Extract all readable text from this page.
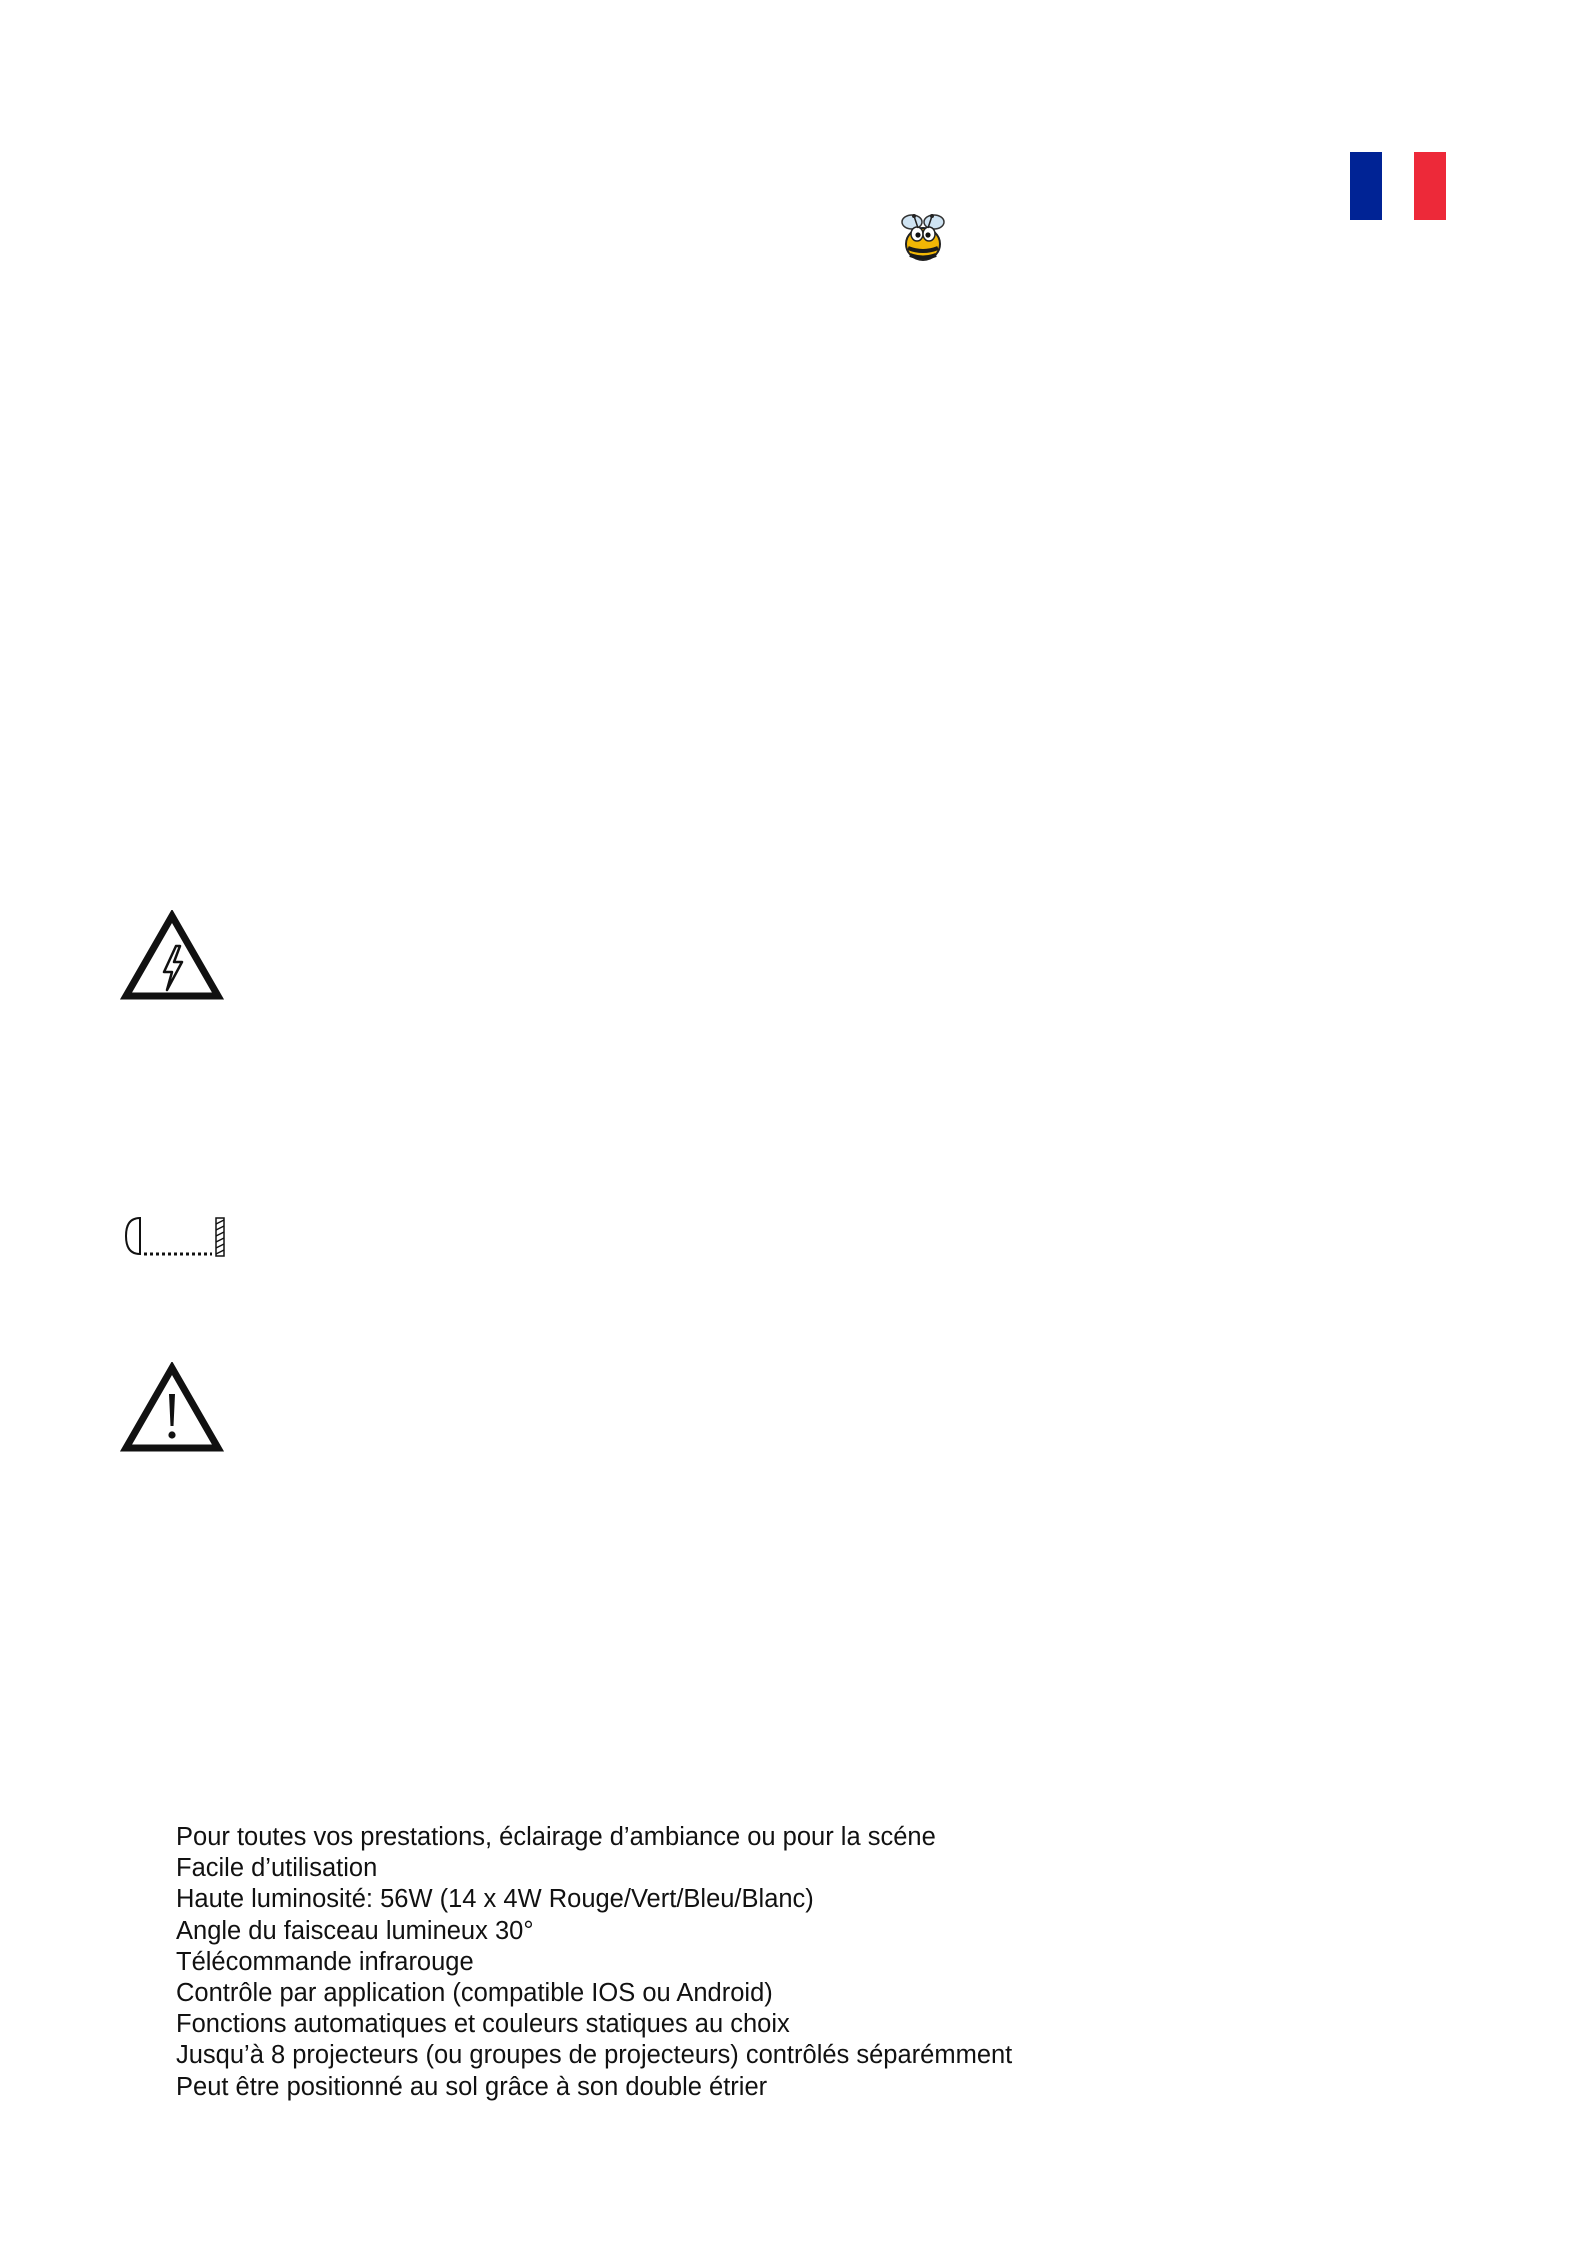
Pour toutes vos prestations, éclairage d’ambiance ou pour la scéne
Facile d’utilisation
Haute luminosité: 56W (14 x 4W Rouge/Vert/Bleu/Blanc)
Angle du faisceau lumineux 30°
Télécommande infrarouge
Contrôle par application (compatible IOS ou Android)
Fonctions automatiques et couleurs statiques au choix
Jusqu’à 8 projecteurs (ou groupes de projecteurs) contrôlés séparémment
Peut être positionné au sol grâce à son double étrier
